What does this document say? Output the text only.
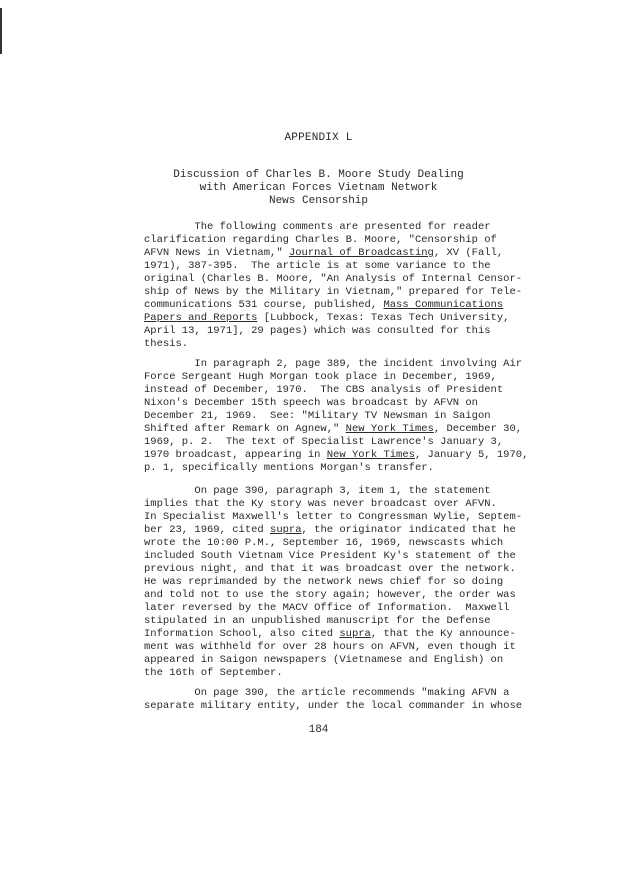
APPENDIX L
Discussion of Charles B. Moore Study Dealing
with American Forces Vietnam Network
News Censorship
The following comments are presented for reader
clarification regarding Charles B. Moore, "Censorship of
AFVN News in Vietnam," Journal of Broadcasting, XV (Fall,
1971), 387-395.  The article is at some variance to the
original (Charles B. Moore, "An Analysis of Internal Censor-
ship of News by the Military in Vietnam," prepared for Tele-
communications 531 course, published, Mass Communications
Papers and Reports [Lubbock, Texas: Texas Tech University,
April 13, 1971], 29 pages) which was consulted for this
thesis.
In paragraph 2, page 389, the incident involving Air
Force Sergeant Hugh Morgan took place in December, 1969,
instead of December, 1970.  The CBS analysis of President
Nixon's December 15th speech was broadcast by AFVN on
December 21, 1969.  See: "Military TV Newsman in Saigon
Shifted after Remark on Agnew," New York Times, December 30,
1969, p. 2.  The text of Specialist Lawrence's January 3,
1970 broadcast, appearing in New York Times, January 5, 1970,
p. 1, specifically mentions Morgan's transfer.
On page 390, paragraph 3, item 1, the statement
implies that the Ky story was never broadcast over AFVN.
In Specialist Maxwell's letter to Congressman Wylie, Septem-
ber 23, 1969, cited supra, the originator indicated that he
wrote the 10:00 P.M., September 16, 1969, newscasts which
included South Vietnam Vice President Ky's statement of the
previous night, and that it was broadcast over the network.
He was reprimanded by the network news chief for so doing
and told not to use the story again; however, the order was
later reversed by the MACV Office of Information.  Maxwell
stipulated in an unpublished manuscript for the Defense
Information School, also cited supra, that the Ky announce-
ment was withheld for over 28 hours on AFVN, even though it
appeared in Saigon newspapers (Vietnamese and English) on
the 16th of September.
On page 390, the article recommends "making AFVN a
separate military entity, under the local commander in whose
184
